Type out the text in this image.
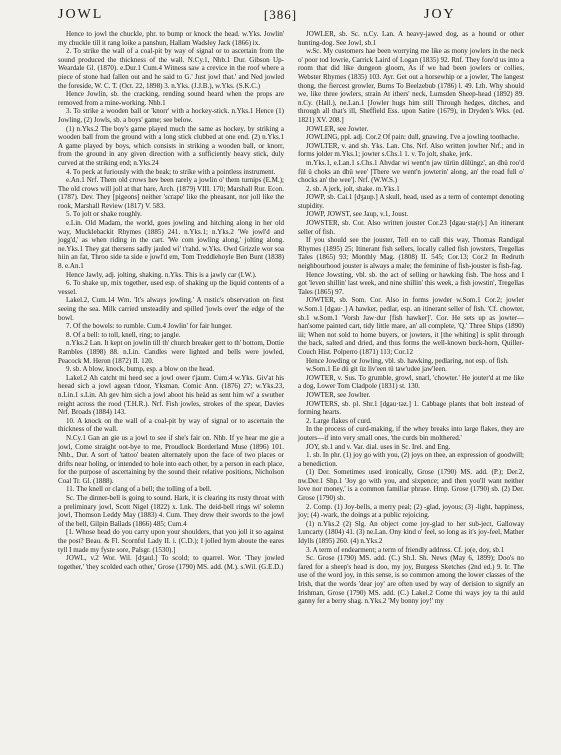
JOWL	[386]	JOY

Hence to jowl the chuckle, phr. to bump or knock the head. w.Yks. Jowlin' my chuckle till it rang loike a panshun, Hallam Wadsley Jack (1866) ix.

2. To strike the wall of a coal-pit by way of signal or to ascertain from the sound produced the thickness of the wall. N.Cy.1, Nhb.1 Dur. Gibson Up-Weardale Gl. (1870). e.Dur.1 Cum.4 Witness saw a crevice in the roof where a piece of stone had fallen out and he said to G.' Just jowl that.' and Ned jowled the foreside, W. C. T. (Oct. 22, 1898) 3. n.Yks. (J.J.B.), w.Yks. (S.K.C.)

Hence Jowlin, sb. the cracking, rending sound heard when the props are removed from a mine-working. Nhb.1

3. To strike a wooden ball or 'knorr' with a hockey-stick. n.Yks.1 Hence (1) Jowling, (2) Jowls, sb. a boys' game; see below.

(1) n.Yks.2 The boy's game played much the same as hockey, by striking a wooden ball from the ground with a long stick clubbed at one end. (2) n.Yks.1 A game played by boys, which consists in striking a wooden ball, or knorr, from the ground in any given direction with a sufficiently heavy stick, duly curved at the striking end; n.Yks.24

4. To peck at furiously with the beak; to strike with a pointless instrument.

e.An.1 Nrf. Them old crows hev been rarely a jowlin o' them turnips (E.M.); The old crows will joll at that hare, Arch. (1879) VIII. 170; Marshall Rur. Econ. (1787). Dev. They [pigeons] neither 'scrape' like the pheasant, nor joll like the rook, Marshall Review (1817) V. 583.

5. To jolt or shake roughly.

e.Lin. Old Madam, the world, goes jowling and hitching along in her old way, Mucklebackit Rhymes (1885) 241. n.Yks.1; n.Yks.2 'We jowl'd and jogg'd,' as when riding in the cart. 'We com jowling along,' jolting along. ne.Yks.1 They gat thersens sadly jauled wi' t'rahd. w.Yks. Owd Grizzle wor soa hiin an fat, Throo side ta side e jowl'd em, Tom Treddlehoyle Ben Bunt (1838) 8. e.An.1

Hence Jawly, adj. jolting, shaking. n.Yks. This is a jawly car (I.W.).

6. To shake up, mix together, used esp. of shaking up the liquid contents of a vessel.

Lakel.2, Cum.14 Wm. 'It's always jowling.' A rustic's observation on first seeing the sea. Milk carried unsteadily and spilled 'jowls over' the edge of the bowl.

7. Of the bowels: to rumble. Cum.4 Jowlin' for fair hunger.

8. Of a bell: to toll, knell, ring; to jangle.

n.Yks.2 Lan. It kept on jowlin till th' church breaker gett to th' bottom, Dottie Rambles (1898) 88. n.Lin. Candles were lighted and bells were jowled, Peacock M. Heron (1872) II. 120.

9. sb. A blow, knock, bump, esp. a blow on the head.

Lakel.2 Ah catcht mi heed sec a jowl ower t'jaum. Cum.4 w.Yks. Giv'at his heead sich a jowl agean t'door, Yksman. Comic Ann. (1876) 27; w.Yks.23, n.Lin.1 s.Lin. Ah gev him sich a jowl aboot his heäd as sent him wi' a swuther reight across the rood (T.H.R.). Nrf. Fish jowles, strokes of the spear, Davies Nrf. Broads (1884) 143.

10. A knock on the wall of a coal-pit by way of signal or to ascertain the thickness of the wall.

N.Cy.1 Gan an gie us a jowl to see if she's fair on. Nhb. If ye hear me gie a jowl, Come straight oot-bye to me, Proudlock Borderland Muse (1896) 101. Nhb., Dur. A sort of 'tattoo' beaten alternately upon the face of two places or drifts near holing, or intended to hole into each other, by a person in each place, for the purpose of ascertaining by the sound their relative positions, Nicholson Coal Tr. Gl. (1888).

11. The knell or clang of a bell; the tolling of a bell.

Sc. The dinner-bell is going to sound. Hark, it is clearing its rusty throat with a preliminary jowl, Scott Nigel (1822) x. Lnk. The deid-bell rings wi' solemn jowl, Thomson Leddy May (1883) 4. Cum. They drew their swords to the jowl of the bell, Gilpin Ballads (1866) 485; Cum.4

[1. Whose head do you carry upon your shoulders, that you joll it so against the post? Beau. & Fl. Scornful Lady II. i. (C.D.); I jolled hym aboute the eares tyll I made my fyste sore, Palsgr. (1530).]

JOWL, v.2 Wor. Wil. [dʒaul.] To scold; to quarrel. Wor. 'They jowled together,' 'they scolded each other,' Grose (1790) MS. add. (M.). s.Wil. (G.E.D.)

JOWLER, sb. Sc. n.Cy. Lan. A heavy-jawed dog, as a hound or other hunting-dog. See Jowl, sb.1

w.Sc. My customers hae been worrying me like as mony jowlers in the neck o' poor tod lowrie, Carrick Laird of Logan (1835) 92. Rnf. They fore'd us into a room that did like dungeon gloom, As if we had been jowlers or collies, Webster Rhymes (1835) 103. Ayr. Get out a horsewhip or a jowler, The langest thong, the fiercest growler, Burns To Beelzebub (1786) l. 49. Lth. Why should we, like three jowlers, strain At ithers' neck, Lumsden Sheep-head (1892) 89. n.Cy. (Hall.), ne.Lan.1 [Jowler hugs him still Through hedges, ditches, and through all that's ill, Sheffield Ess. upon Satire (1679), in Dryden's Wks. (ed. 1821) XV. 208.]

JOWLER, see Jowter.

JOWLING, ppl. adj. Cor.2 Of pain: dull, gnawing. I've a jowling toothache.

JOWLTER, v. and sb. Yks. Lan. Chs. Nrf. Also written jowlter Nrf.; and in forms jolder m.Yks.1; jowter s.Chs.1 1. v. To jolt, shake, jerk.

m.Yks.1, e.Lan.1 s.Chs.1 Ahvdar wi went'n jaw türün dûlüngz', an dhü roo'd fül ü choks an dhü wee' [There we went'n jowterin' along, an' the road full o' chocks an' the wee']. Nrf. (W.W.S.)

2. sb. A jerk, jolt, shake. m.Yks.1

JOWP, sb. Cai.1 [dʒaup.] A skull, head, used as a term of contempt denoting stupidity.

JOWP, JOWST, see Jaup, v.1, Joust.

JOWSTER, sb. Cor. Also written jouster Cor.23 [dgau·stə(r).] An itinerant seller of fish.

If you should see the jouster, Tell en to call this way, Thomas Randigal Rhymes (1895) 25; Itinerant fish sellers, locally called fish jowsters, Tregellas Tales (1865) 93; Monthly Mag. (1808) II. 545; Cor.13; Cor.2 In Redruth neighbourhood jouster is always a male; the feminine of fish-jouster is fish-fag.

Hence Jowsting, vbl. sb. the act of selling or hawking fish. The hoss and I got 'leven shillin' last week, and nine shillin' this week, a fish jowstin', Tregellas Tales (1865) 97.

JOWTER, sb. Som. Cor. Also in forms jowder w.Som.1 Cor.2; jowler w.Som.1 [dgau·.] A hawker, pedlar, esp. an itinerant seller of fish. 'Cf. chowter, sb.1 w.Som.1 'Vorsh Jaw·dur [fish hawker]'. Cor. He sets up as jowter—han'some painted cart, tidy little mare, an' all complete, 'Q.' Three Ships (1890) iii; When not sold to home buyers, or jowters, it [the whiting] is split through the back, salted and dried, and thus forms the well-known buck-horn, Quiller-Couch Hist. Polperro (1871) 113; Cor.12

Hence Jowding or Jowling, vbl. sb. hawking, pedlaring, not esp. of fish.

w.Som.1 Ee dü git üz liv'een tü taw'udee jaw'leen.

JOWTER, v. Sus. To grumble, growl, snarl, 'chowter.' He jouter'd at me like a dog, Lower Tom Cladpole (1831) st. 130.

JOWTER, see Jowlter.

JOWTERS, sb. pl. Shr.1 [dgau·tǝz.] 1. Cabbage plants that bolt instead of forming hearts.

2. Large flakes of curd.

In the process of curd-making, if the whey breaks into large flakes, they are jouters—if into very small ones, 'the curds bin molthered.'

JOY, sb.1 and v. Var. dial. uses in Sc. Irel. and Eng.

1. sb. In phr. (1) joy go with you, (2) joys on thee, an expression of goodwill; a benediction.

(1) Der. Sometimes used ironically, Grose (1790) MS. add. (P.); Der.2, nw.Der.1 Shp.1 'Joy go with you, and sixpence; and then you'll want neither love nor money,' is a common familiar phrase. Hmp. Grose (1790) sb. (2) Der. Grose (1790) sb.

2. Comp. (1) Joy-bells, a merry peal; (2) -glad, joyous; (3) -light, happiness, joy; (4) -wark, the doings at a public rejoicing.

(1) n.Yks.2 (2) Slg. An object come joy-glad to her sub-ject, Galloway Luncarty (1804) 41. (3) ne.Lan. Ony kind o' feel, so long as it's joy-feel, Mather Idylls (1895) 260. (4) n.Yks.2

3. A term of endearment; a term of friendly address. Cf. jo(e, doy, sb.1

Sc. Grose (1790) MS. add. (C.) Sh.I. Sh. News (May 6, 1899); Doo's no fared for a sheep's head is doo, my joy, Burgess Sketches (2nd ed.) 9. Ir. The use of the word joy, in this sense, is so common among the lower classes of the Irish, that the words 'dear joy' are often used by way of derision to signify an Irishman, Grose (1790) MS. add. (C.) Lakel.2 Come thi ways joy ta thi auld ganny fer a berry shag. n.Yks.2 'My bonny joy!' my
